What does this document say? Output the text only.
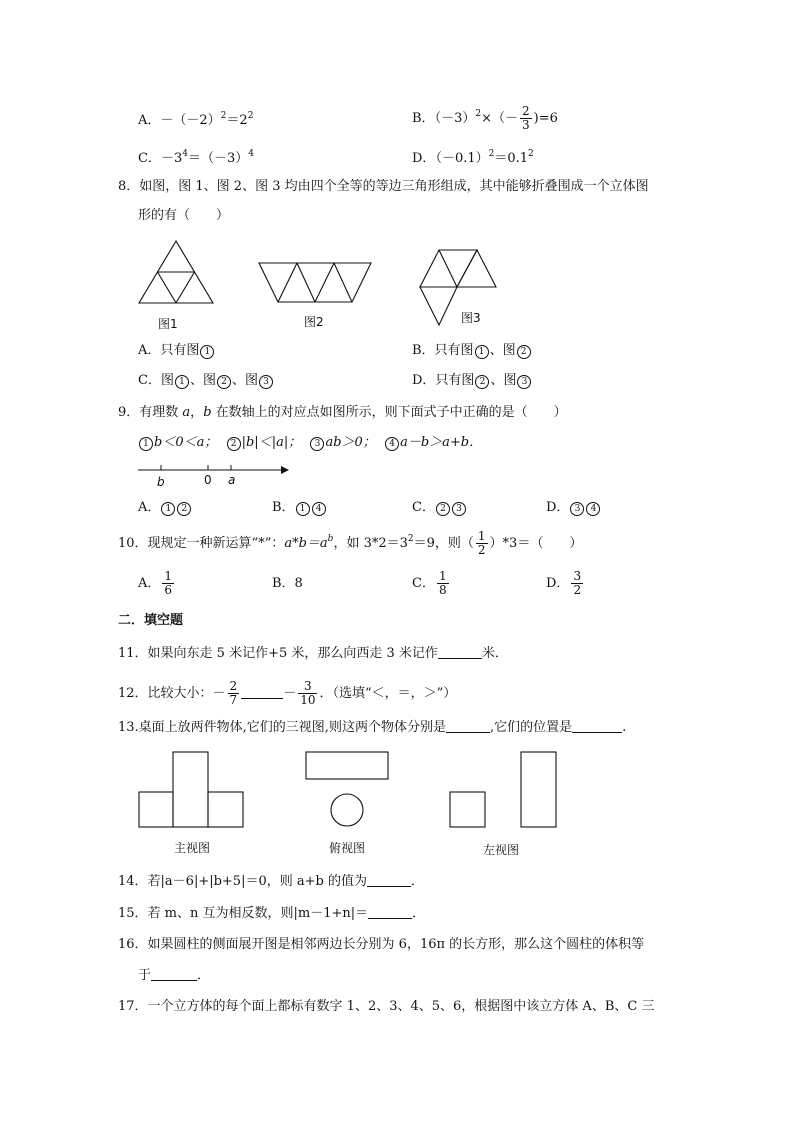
A．$-(-2)^2=2^2$	B．$(-3)^2\times(- \frac{2}{3} )=6$
C．$-3^4=(-3)^4$	D．$(-0.1)^2=0.1^2$
8．如图，图 1、图 2、图 3 均由四个全等的等边三角形组成，其中能够折叠围成一个立体图
形的有（　　）
图1	图2	图3
A．只有图 1	B．只有图 1 、图 2
C．图 1 、图 2 、图 3	D．只有图 2 、图 3
9．有理数 a，b 在数轴上的对应点如图所示，则下面式子中正确的是（　　）
1 b＜0＜a； 2 |b|＜|a|； 3 ab＞0； 4 a－b＞a+b．
b	0 a
A． 1 2	B． 1 4	C． 2 3	D． 3 4
10．现规定一种新运算“*”：$a*b=a^b$，如 $3*2=3^2=9$，则（ $\frac{1}{2} )*3=$（　　）
A． $\frac{1}{6}$	B．8	C． $\frac{1}{8}$	D． $\frac{3}{2}$
二．填空题
11．如果向东走 5 米记作+5 米，那么向西走 3 米记作	米．
12．比较大小：－ $\frac{2}{7}$	－ $\frac{3}{10}$ ．（选填“＜，＝，＞”）
13.桌面上放两件物体,它们的三视图,则这两个物体分别是	,它们的位置是	.
主视图	俯视图	左视图
14．若|a－6|+|b+5|＝0，则 a+b 的值为	．
15．若 m、n 互为相反数，则|m－1+n|＝	．
16．如果圆柱的侧面展开图是相邻两边长分别为 6，16π 的长方形，那么这个圆柱的体积等
于	．
17．一个立方体的每个面上都标有数字 1、2、3、4、5、6，根据图中该立方体 A、B、C 三
